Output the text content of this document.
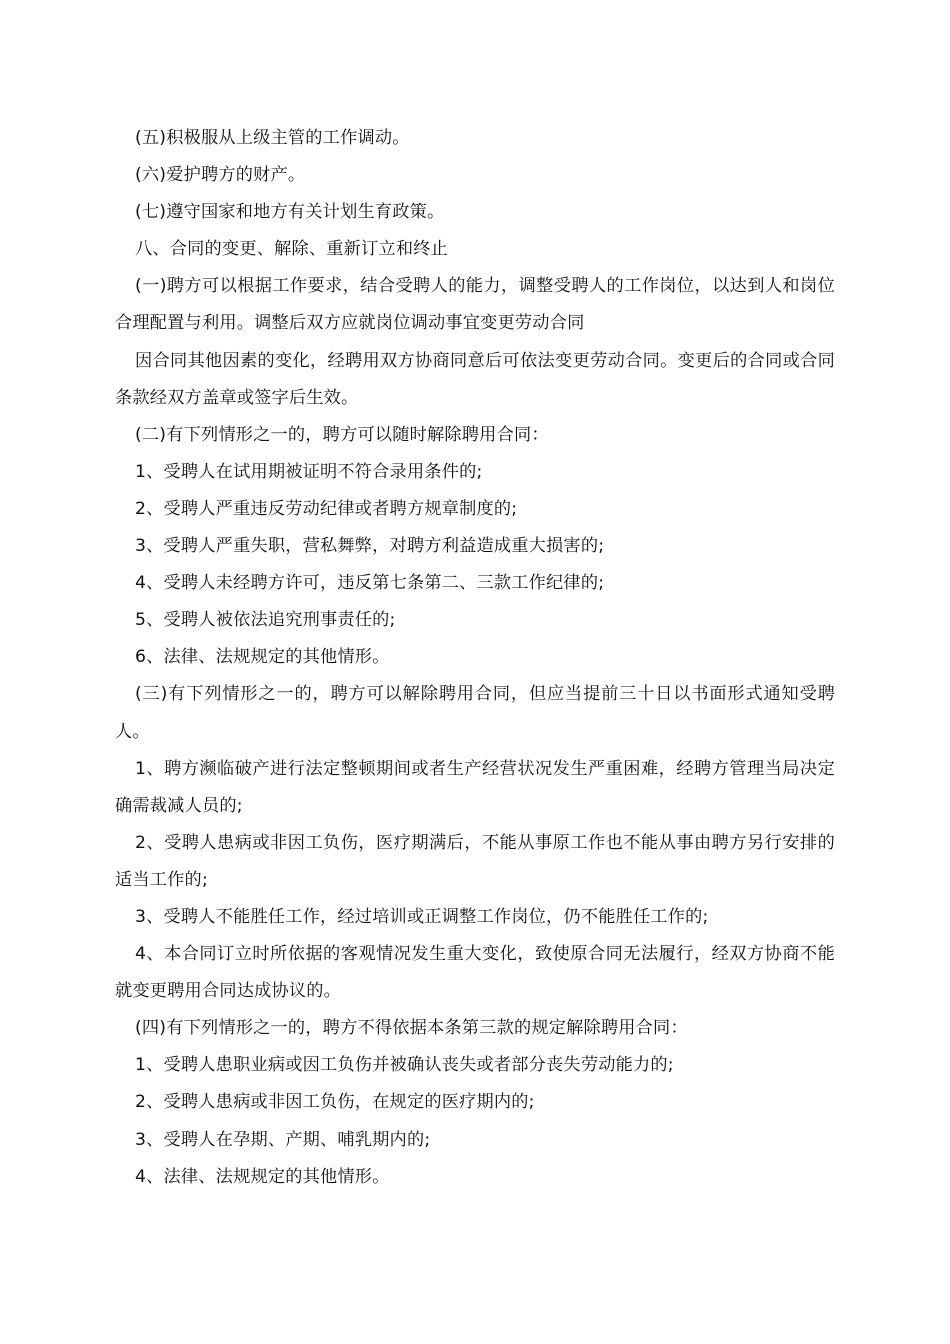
(五)积极服从上级主管的工作调动。

(六)爱护聘方的财产。

(七)遵守国家和地方有关计划生育政策。

八、合同的变更、解除、重新订立和终止

(一)聘方可以根据工作要求，结合受聘人的能力，调整受聘人的工作岗位，以达到人和岗位合理配置与利用。调整后双方应就岗位调动事宜变更劳动合同

因合同其他因素的变化，经聘用双方协商同意后可依法变更劳动合同。变更后的合同或合同条款经双方盖章或签字后生效。

(二)有下列情形之一的，聘方可以随时解除聘用合同：

1、受聘人在试用期被证明不符合录用条件的;

2、受聘人严重违反劳动纪律或者聘方规章制度的;

3、受聘人严重失职，营私舞弊，对聘方利益造成重大损害的;

4、受聘人未经聘方许可，违反第七条第二、三款工作纪律的;

5、受聘人被依法追究刑事责任的;

6、法律、法规规定的其他情形。

(三)有下列情形之一的，聘方可以解除聘用合同，但应当提前三十日以书面形式通知受聘人。

1、聘方濒临破产进行法定整顿期间或者生产经营状况发生严重困难，经聘方管理当局决定确需裁减人员的;

2、受聘人患病或非因工负伤，医疗期满后，不能从事原工作也不能从事由聘方另行安排的适当工作的;

3、受聘人不能胜任工作，经过培训或正调整工作岗位，仍不能胜任工作的;

4、本合同订立时所依据的客观情况发生重大变化，致使原合同无法履行，经双方协商不能就变更聘用合同达成协议的。

(四)有下列情形之一的，聘方不得依据本条第三款的规定解除聘用合同：

1、受聘人患职业病或因工负伤并被确认丧失或者部分丧失劳动能力的;

2、受聘人患病或非因工负伤，在规定的医疗期内的;

3、受聘人在孕期、产期、哺乳期内的;

4、法律、法规规定的其他情形。
